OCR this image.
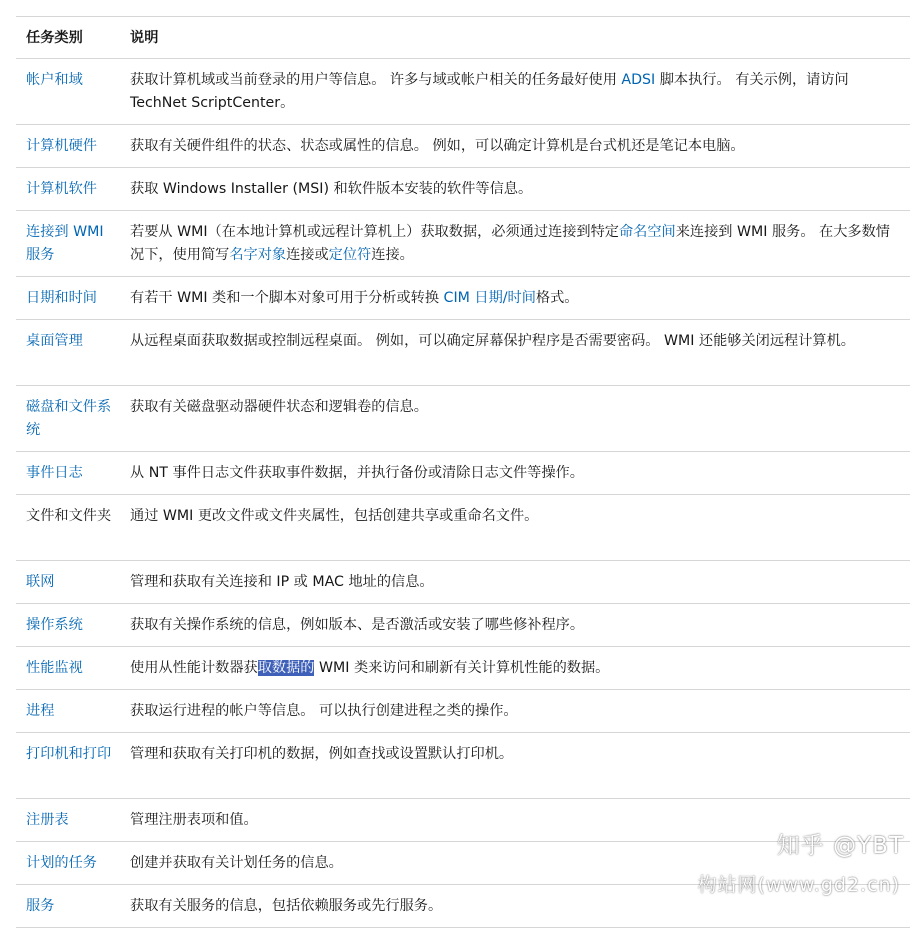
任务类别	说明

帐户和域	获取计算机域或当前登录的用户等信息。 许多与域或帐户相关的任务最好使用 ADSI 脚本执行。 有关示例，请访问 TechNet ScriptCenter。

计算机硬件	获取有关硬件组件的状态、状态或属性的信息。 例如，可以确定计算机是台式机还是笔记本电脑。

计算机软件	获取 Windows Installer (MSI) 和软件版本安装的软件等信息。

连接到 WMI 服务	若要从 WMI（在本地计算机或远程计算机上）获取数据，必须通过连接到特定命名空间来连接到 WMI 服务。 在大多数情况下，使用简写名字对象连接或定位符连接。

日期和时间	有若干 WMI 类和一个脚本对象可用于分析或转换 CIM 日期/时间格式。

桌面管理	从远程桌面获取数据或控制远程桌面。 例如，可以确定屏幕保护程序是否需要密码。 WMI 还能够关闭远程计算机。

磁盘和文件系统	获取有关磁盘驱动器硬件状态和逻辑卷的信息。

事件日志	从 NT 事件日志文件获取事件数据，并执行备份或清除日志文件等操作。

文件和文件夹	通过 WMI 更改文件或文件夹属性，包括创建共享或重命名文件。

联网	管理和获取有关连接和 IP 或 MAC 地址的信息。

操作系统	获取有关操作系统的信息，例如版本、是否激活或安装了哪些修补程序。

性能监视	使用从性能计数器获取数据的 WMI 类来访问和刷新有关计算机性能的数据。

进程	获取运行进程的帐户等信息。 可以执行创建进程之类的操作。

打印机和打印	管理和获取有关打印机的数据，例如查找或设置默认打印机。

注册表	管理注册表项和值。

计划的任务	创建并获取有关计划任务的信息。

服务	获取有关服务的信息，包括依赖服务或先行服务。
知乎 @YBT
构站网(www.gd2.cn)
